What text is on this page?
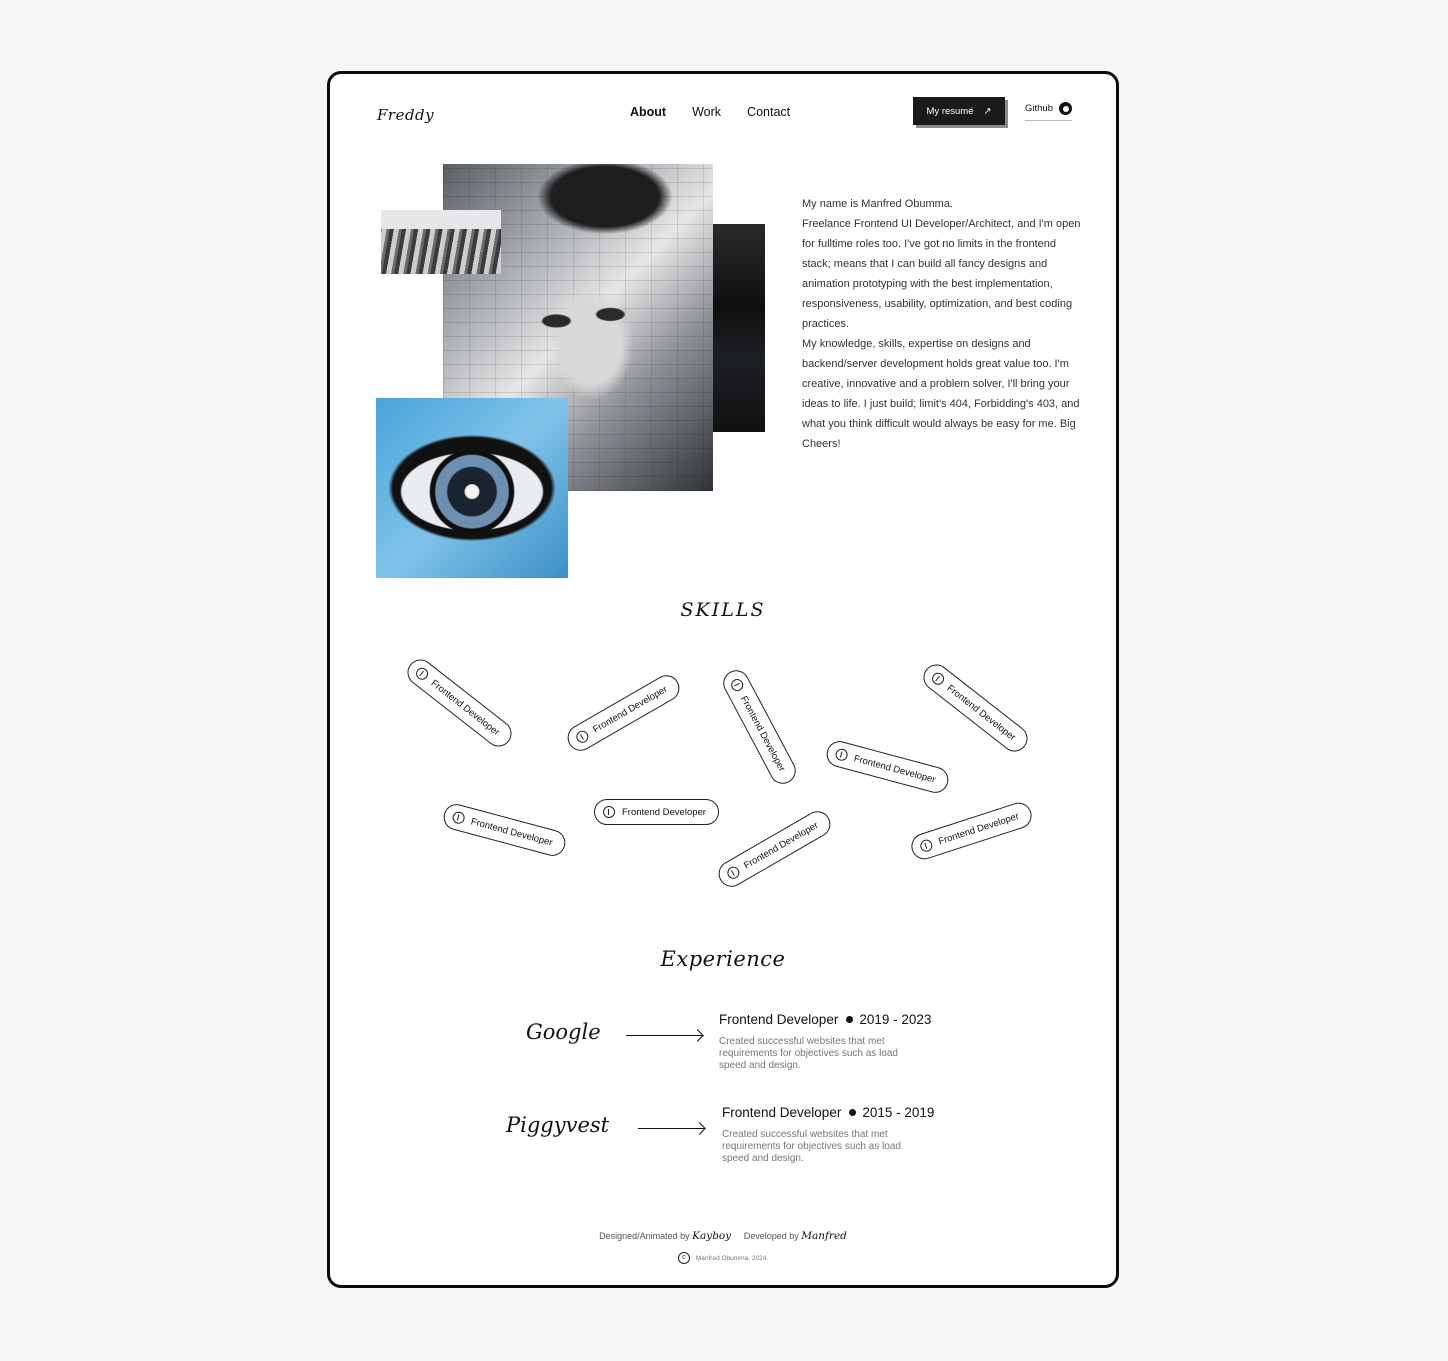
Freddy	About Work Contact	My resumé ↗	Github

My name is Manfred Obumma.

Freelance Frontend UI Developer/Architect, and I'm open for fulltime roles too. I've got no limits in the frontend stack; means that I can build all fancy designs and animation prototyping with the best implementation, responsiveness, usability, optimization, and best coding practices.

My knowledge, skills, expertise on designs and backend/server development holds great value too. I'm creative, innovative and a problem solver, I'll bring your ideas to life. I just build; limit's 404, Forbidding's 403, and what you think difficult would always be easy for me. Big Cheers!

SKILLS
Frontend Developer	Frontend Developer	Frontend Developer	Frontend Developer
Frontend Developer
Frontend Developer
Frontend Developer
Frontend Developer	Frontend Developer
Experience
Google
Frontend Developer 2019 - 2023
Created successful websites that met requirements for objectives such as load speed and design.
Piggyvest
Frontend Developer 2015 - 2019
Created successful websites that met requirements for objectives such as load speed and design.
Designed/Animated by Kayboy Developed by Manfred
c	Manfred Obumma, 2024.
